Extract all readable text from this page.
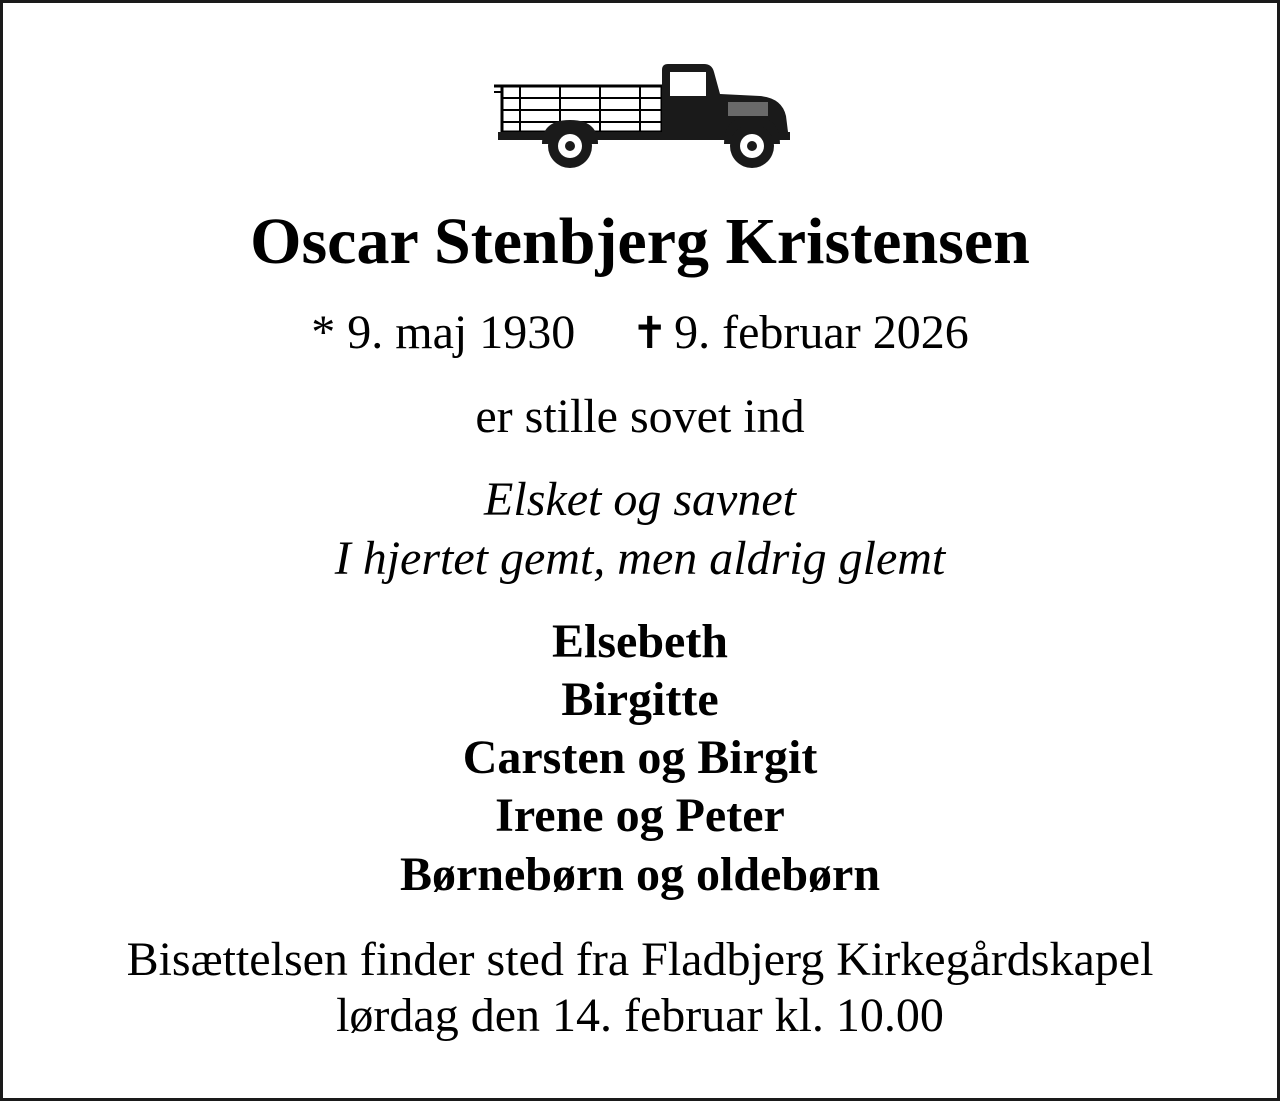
Oscar Stenbjerg Kristensen
* 9. maj 1930 ✝ 9. februar 2026
er stille sovet ind
Elsket og savnet
I hjertet gemt, men aldrig glemt
Elsebeth
Birgitte
Carsten og Birgit
Irene og Peter
Børnebørn og oldebørn
Bisættelsen finder sted fra Fladbjerg Kirkegårdskapel
lørdag den 14. februar kl. 10.00
